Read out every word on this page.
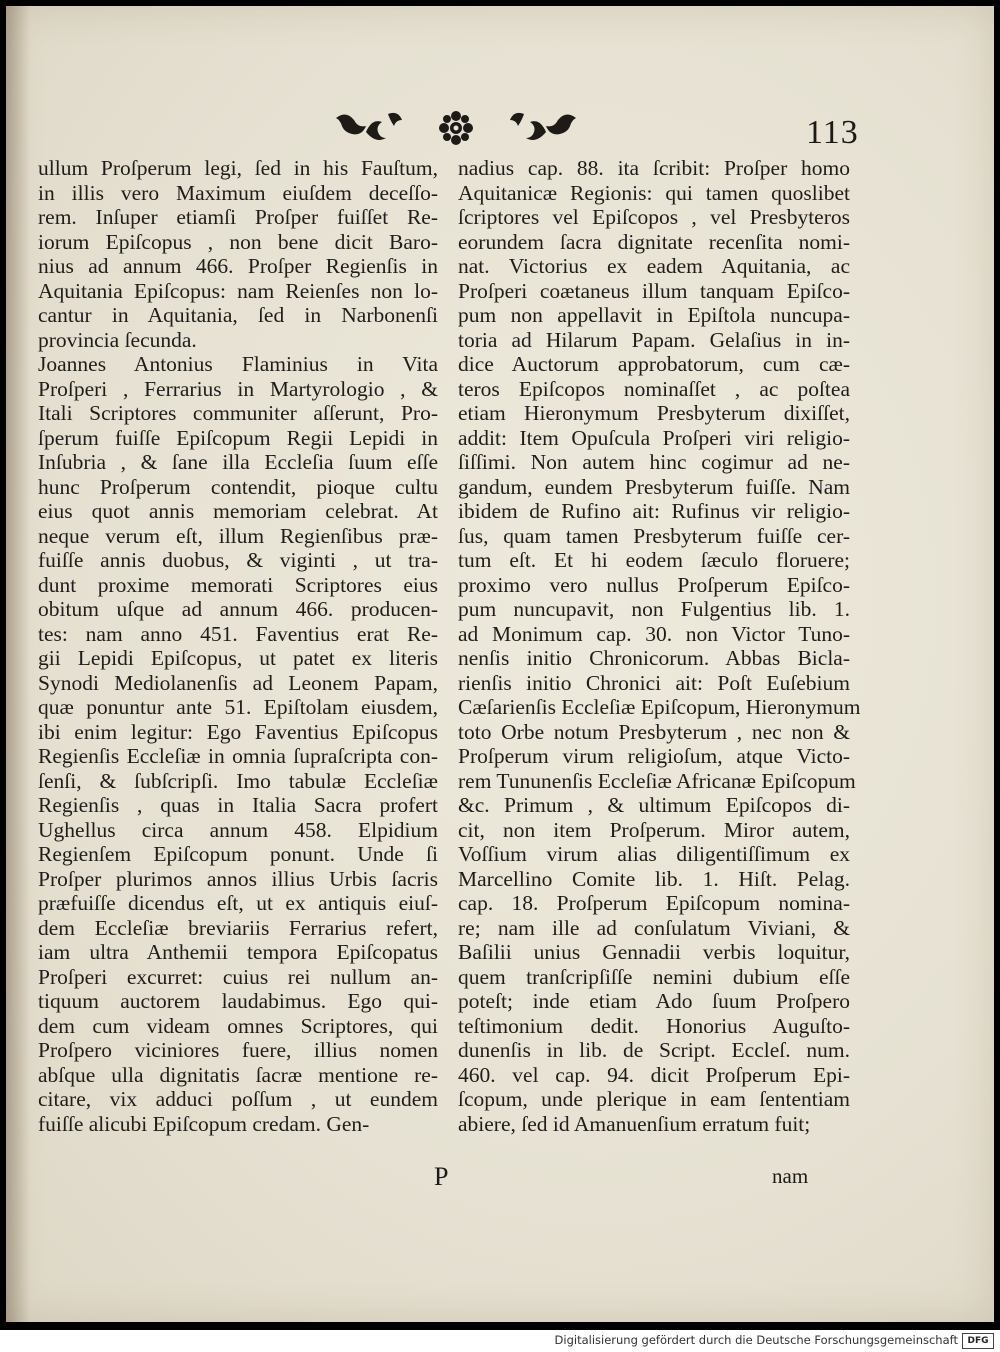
113
ullum Proſperum legi, ſed in his Fauſtum,
in illis vero Maximum eiuſdem deceſſo-
rem. Inſuper etiamſi Proſper fuiſſet Re-
iorum Epiſcopus , non bene dicit Baro-
nius ad annum 466. Proſper Regienſis in
Aquitania Epiſcopus: nam Reienſes non lo-
cantur in Aquitania, ſed in Narbonenſi
provincia ſecunda.
Joannes Antonius Flaminius in Vita
Proſperi , Ferrarius in Martyrologio , &
Itali Scriptores communiter aſſerunt, Pro-
ſperum fuiſſe Epiſcopum Regii Lepidi in
Inſubria , & ſane illa Eccleſia ſuum eſſe
hunc Proſperum contendit, pioque cultu
eius quot annis memoriam celebrat. At
neque verum eſt, illum Regienſibus præ-
fuiſſe annis duobus, & viginti , ut tra-
dunt proxime memorati Scriptores eius
obitum uſque ad annum 466. producen-
tes: nam anno 451. Faventius erat Re-
gii Lepidi Epiſcopus, ut patet ex literis
Synodi Mediolanenſis ad Leonem Papam,
quæ ponuntur ante 51. Epiſtolam eiusdem,
ibi enim legitur: Ego Faventius Epiſcopus
Regienſis Eccleſiæ in omnia ſupraſcripta con-
ſenſi, & ſubſcripſi. Imo tabulæ Eccleſiæ
Regienſis , quas in Italia Sacra profert
Ughellus circa annum 458. Elpidium
Regienſem Epiſcopum ponunt. Unde ſi
Proſper plurimos annos illius Urbis ſacris
præfuiſſe dicendus eſt, ut ex antiquis eiuſ-
dem Eccleſiæ breviariis Ferrarius refert,
iam ultra Anthemii tempora Epiſcopatus
Proſperi excurret: cuius rei nullum an-
tiquum auctorem laudabimus. Ego qui-
dem cum videam omnes Scriptores, qui
Proſpero viciniores fuere, illius nomen
abſque ulla dignitatis ſacræ mentione re-
citare, vix adduci poſſum , ut eundem
fuiſſe alicubi Epiſcopum credam. Gen-
nadius cap. 88. ita ſcribit: Proſper homo
Aquitanicæ Regionis: qui tamen quoslibet
ſcriptores vel Epiſcopos , vel Presbyteros
eorundem ſacra dignitate recenſita nomi-
nat. Victorius ex eadem Aquitania, ac
Proſperi coætaneus illum tanquam Epiſco-
pum non appellavit in Epiſtola nuncupa-
toria ad Hilarum Papam. Gelaſius in in-
dice Auctorum approbatorum, cum cæ-
teros Epiſcopos nominaſſet , ac poſtea
etiam Hieronymum Presbyterum dixiſſet,
addit: Item Opuſcula Proſperi viri religio-
ſiſſimi. Non autem hinc cogimur ad ne-
gandum, eundem Presbyterum fuiſſe. Nam
ibidem de Rufino ait: Rufinus vir religio-
ſus, quam tamen Presbyterum fuiſſe cer-
tum eſt. Et hi eodem ſæculo floruere;
proximo vero nullus Proſperum Epiſco-
pum nuncupavit, non Fulgentius lib. 1.
ad Monimum cap. 30. non Victor Tuno-
nenſis initio Chronicorum. Abbas Bicla-
rienſis initio Chronici ait: Poſt Euſebium
Cæſarienſis Eccleſiæ Epiſcopum, Hieronymum
toto Orbe notum Presbyterum , nec non &
Proſperum virum religioſum, atque Victo-
rem Tununenſis Eccleſiæ Africanæ Epiſcopum
&c. Primum , & ultimum Epiſcopos di-
cit, non item Proſperum. Miror autem,
Voſſium virum alias diligentiſſimum ex
Marcellino Comite lib. 1. Hiſt. Pelag.
cap. 18. Proſperum Epiſcopum nomina-
re; nam ille ad conſulatum Viviani, &
Baſilii unius Gennadii verbis loquitur,
quem tranſcripſiſſe nemini dubium eſſe
poteſt; inde etiam Ado ſuum Proſpero
teſtimonium dedit. Honorius Auguſto-
dunenſis in lib. de Script. Eccleſ. num.
460. vel cap. 94. dicit Proſperum Epi-
ſcopum, unde plerique in eam ſententiam
abiere, ſed id Amanuenſium erratum fuit;
P	nam
Digitalisierung gefördert durch die Deutsche Forschungsgemeinschaft	DFG
